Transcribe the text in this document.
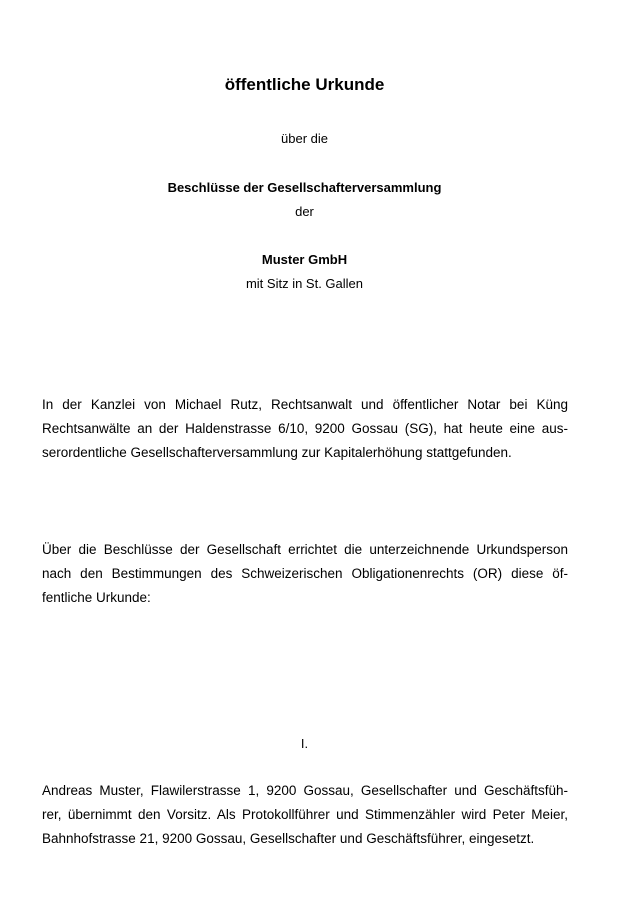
öffentliche Urkunde
über die
Beschlüsse der Gesellschafterversammlung
der
Muster GmbH
mit Sitz in St. Gallen
In der Kanzlei von Michael Rutz, Rechtsanwalt und öffentlicher Notar bei Küng
Rechtsanwälte an der Haldenstrasse 6/10, 9200 Gossau (SG), hat heute eine aus-
serordentliche Gesellschafterversammlung zur Kapitalerhöhung stattgefunden.
Über die Beschlüsse der Gesellschaft errichtet die unterzeichnende Urkundsperson
nach den Bestimmungen des Schweizerischen Obligationenrechts (OR) diese öf-
fentliche Urkunde:
I.
Andreas Muster, Flawilerstrasse 1, 9200 Gossau, Gesellschafter und Geschäftsfüh-
rer, übernimmt den Vorsitz. Als Protokollführer und Stimmenzähler wird Peter Meier,
Bahnhofstrasse 21, 9200 Gossau, Gesellschafter und Geschäftsführer, eingesetzt.
